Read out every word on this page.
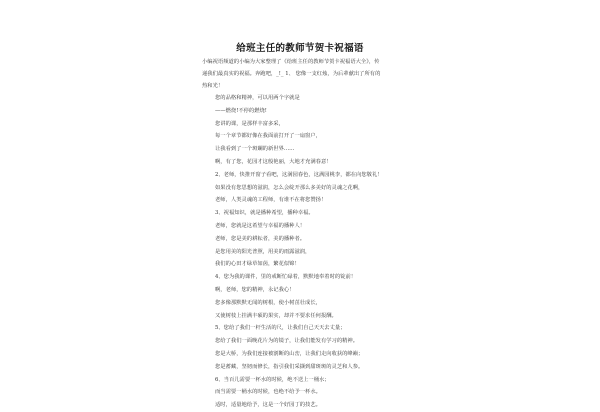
给班主任的教师节贺卡祝福语
小编祝语频道的小编为大家整理了《给班主任的教师节贺卡祝福语大全》，传
递我们最真实的祝福。奔跑吧，_!_ 1、 您像一支红烛，为后辈献出了所有的
热和光！
您的品格和精神，可以用两个字就是
——燃烧!不停的燃烧!
您讲的课，是那样丰富多采，
每一个章节都好像在我面前打开了一扇窗户，
让我看到了一个斑斓的新世界……
啊，有了您，花园才这般艳丽，大地才充满春意！
2、老师，快推开窗子看吧，这满园春色，这满园桃李，都在向您敬礼！
如果没有您思想的滋润，怎么会绽开那么多美好的灵魂之花啊，
老师，人类灵魂的工程师，有谁不在将您赞扬！
3、祝福知识，就是播种希望，播种幸福。
老师，您就是这希望与幸福的播种人！
老师，您是美的耕耘者，美的播种者。
是您用美的阳光普照，用美的雨露滋润，
我们的心田才绿草如茵，繁花似锦！
4、您为我的课件，里的戒断忙碌着，默默地奉着时的锭前！
啊，老师，您的精神，永记我心！
您多像那默默无闻的树根，使小树茁壮成长，
又使树枝上挂满丰硕的果实，却并不要求任何报酬。
5、您给了我们一杆生活的尺，让我们自己天天去丈量；
您给了我们一面晚花片为的镜子，让我们能发有学习的精神。
您是大桥，为我们连接被割断的山峦，让我们走向收获的峰巅；
您是蓄藏，坚韧而修长，指引我们采撷到甜斑斑的灵芝和人参。
6、当百儿需要一杯水的时候，绝不送上一桶水；
而当需要一桶水的时候，也绝不给予一杯水。
适时，适量地给予，这是一个好园丁的技艺。
